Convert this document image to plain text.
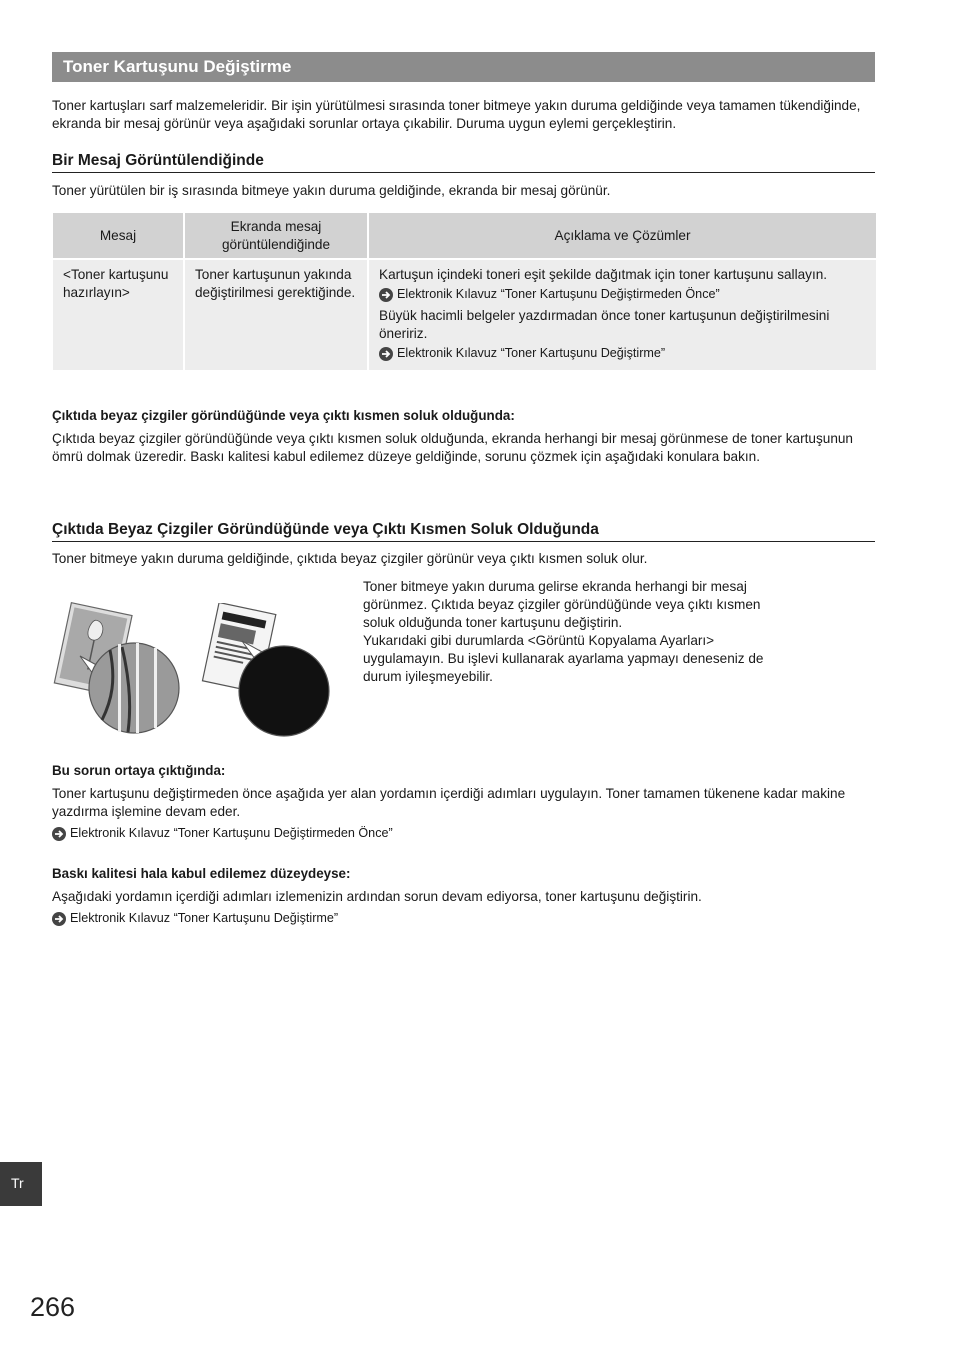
Toner Kartuşunu Değiştirme
Toner kartuşları sarf malzemeleridir. Bir işin yürütülmesi sırasında toner bitmeye yakın duruma geldiğinde veya tamamen tükendiğinde, ekranda bir mesaj görünür veya aşağıdaki sorunlar ortaya çıkabilir. Duruma uygun eylemi gerçekleştirin.
Bir Mesaj Görüntülendiğinde
Toner yürütülen bir iş sırasında bitmeye yakın duruma geldiğinde, ekranda bir mesaj görünür.
Mesaj	Ekranda mesaj görüntülendiğinde	Açıklama ve Çözümler
<Toner kartuşunu hazırlayın>	Toner kartuşunun yakında değiştirilmesi gerektiğinde.	Kartuşun içindeki toneri eşit şekilde dağıtmak için toner kartuşunu sallayın.
Elektronik Kılavuz “Toner Kartuşunu Değiştirmeden Önce”
Büyük hacimli belgeler yazdırmadan önce toner kartuşunun değiştirilmesini öneririz.
Elektronik Kılavuz “Toner Kartuşunu Değiştirme”
Çıktıda beyaz çizgiler göründüğünde veya çıktı kısmen soluk olduğunda:
Çıktıda beyaz çizgiler göründüğünde veya çıktı kısmen soluk olduğunda, ekranda herhangi bir mesaj görünmese de toner kartuşunun ömrü dolmak üzeredir. Baskı kalitesi kabul edilemez düzeye geldiğinde, sorunu çözmek için aşağıdaki konulara bakın.
Çıktıda Beyaz Çizgiler Göründüğünde veya Çıktı Kısmen Soluk Olduğunda
Toner bitmeye yakın duruma geldiğinde, çıktıda beyaz çizgiler görünür veya çıktı kısmen soluk olur.
Toner bitmeye yakın duruma gelirse ekranda herhangi bir mesaj görünmez. Çıktıda beyaz çizgiler göründüğünde veya çıktı kısmen soluk olduğunda toner kartuşunu değiştirin.
Yukarıdaki gibi durumlarda <Görüntü Kopyalama Ayarları> uygulamayın. Bu işlevi kullanarak ayarlama yapmayı deneseniz de durum iyileşmeyebilir.
Bu sorun ortaya çıktığında:
Toner kartuşunu değiştirmeden önce aşağıda yer alan yordamın içerdiği adımları uygulayın. Toner tamamen tükenene kadar makine yazdırma işlemine devam eder.
Elektronik Kılavuz “Toner Kartuşunu Değiştirmeden Önce”
Baskı kalitesi hala kabul edilemez düzeydeyse:
Aşağıdaki yordamın içerdiği adımları izlemenizin ardından sorun devam ediyorsa, toner kartuşunu değiştirin.
Elektronik Kılavuz “Toner Kartuşunu Değiştirme”
Tr
266
